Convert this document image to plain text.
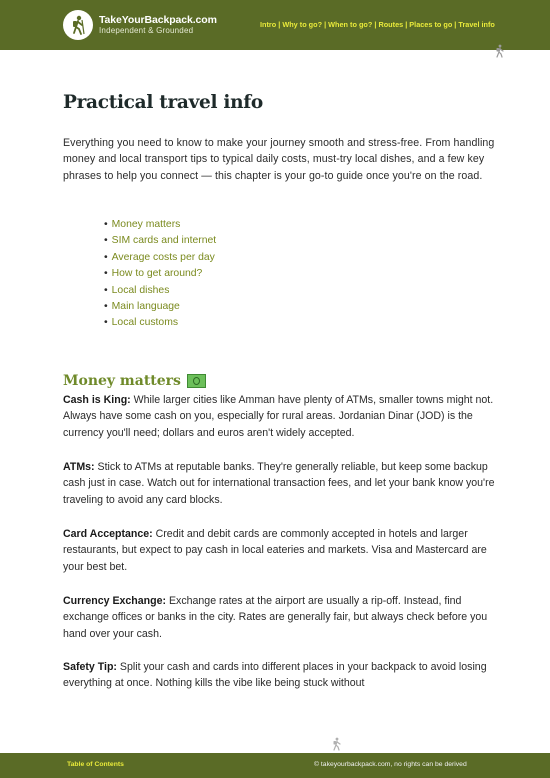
TakeYourBackpack.com
Independent & Grounded
Intro | Why to go? | When to go? | Routes | Places to go | Travel info
Practical travel info

Everything you need to know to make your journey smooth and stress-free. From handling money and local transport tips to typical daily costs, must-try local dishes, and a few key phrases to help you connect — this chapter is your go-to guide once you're on the road.

• Money matters
• SIM cards and internet
• Average costs per day
• How to get around?
• Local dishes
• Main language
• Local customs
Money matters

Cash is King: While larger cities like Amman have plenty of ATMs, smaller towns might not. Always have some cash on you, especially for rural areas. Jordanian Dinar (JOD) is the currency you'll need; dollars and euros aren't widely accepted.

ATMs: Stick to ATMs at reputable banks. They're generally reliable, but keep some backup cash just in case. Watch out for international transaction fees, and let your bank know you're traveling to avoid any card blocks.

Card Acceptance: Credit and debit cards are commonly accepted in hotels and larger restaurants, but expect to pay cash in local eateries and markets. Visa and Mastercard are your best bet.

Currency Exchange: Exchange rates at the airport are usually a rip-off. Instead, find exchange offices or banks in the city. Rates are generally fair, but always check before you hand over your cash.

Safety Tip: Split your cash and cards into different places in your backpack to avoid losing everything at once. Nothing kills the vibe like being stuck without

Table of Contents	© takeyourbackpack.com, no rights can be derived
